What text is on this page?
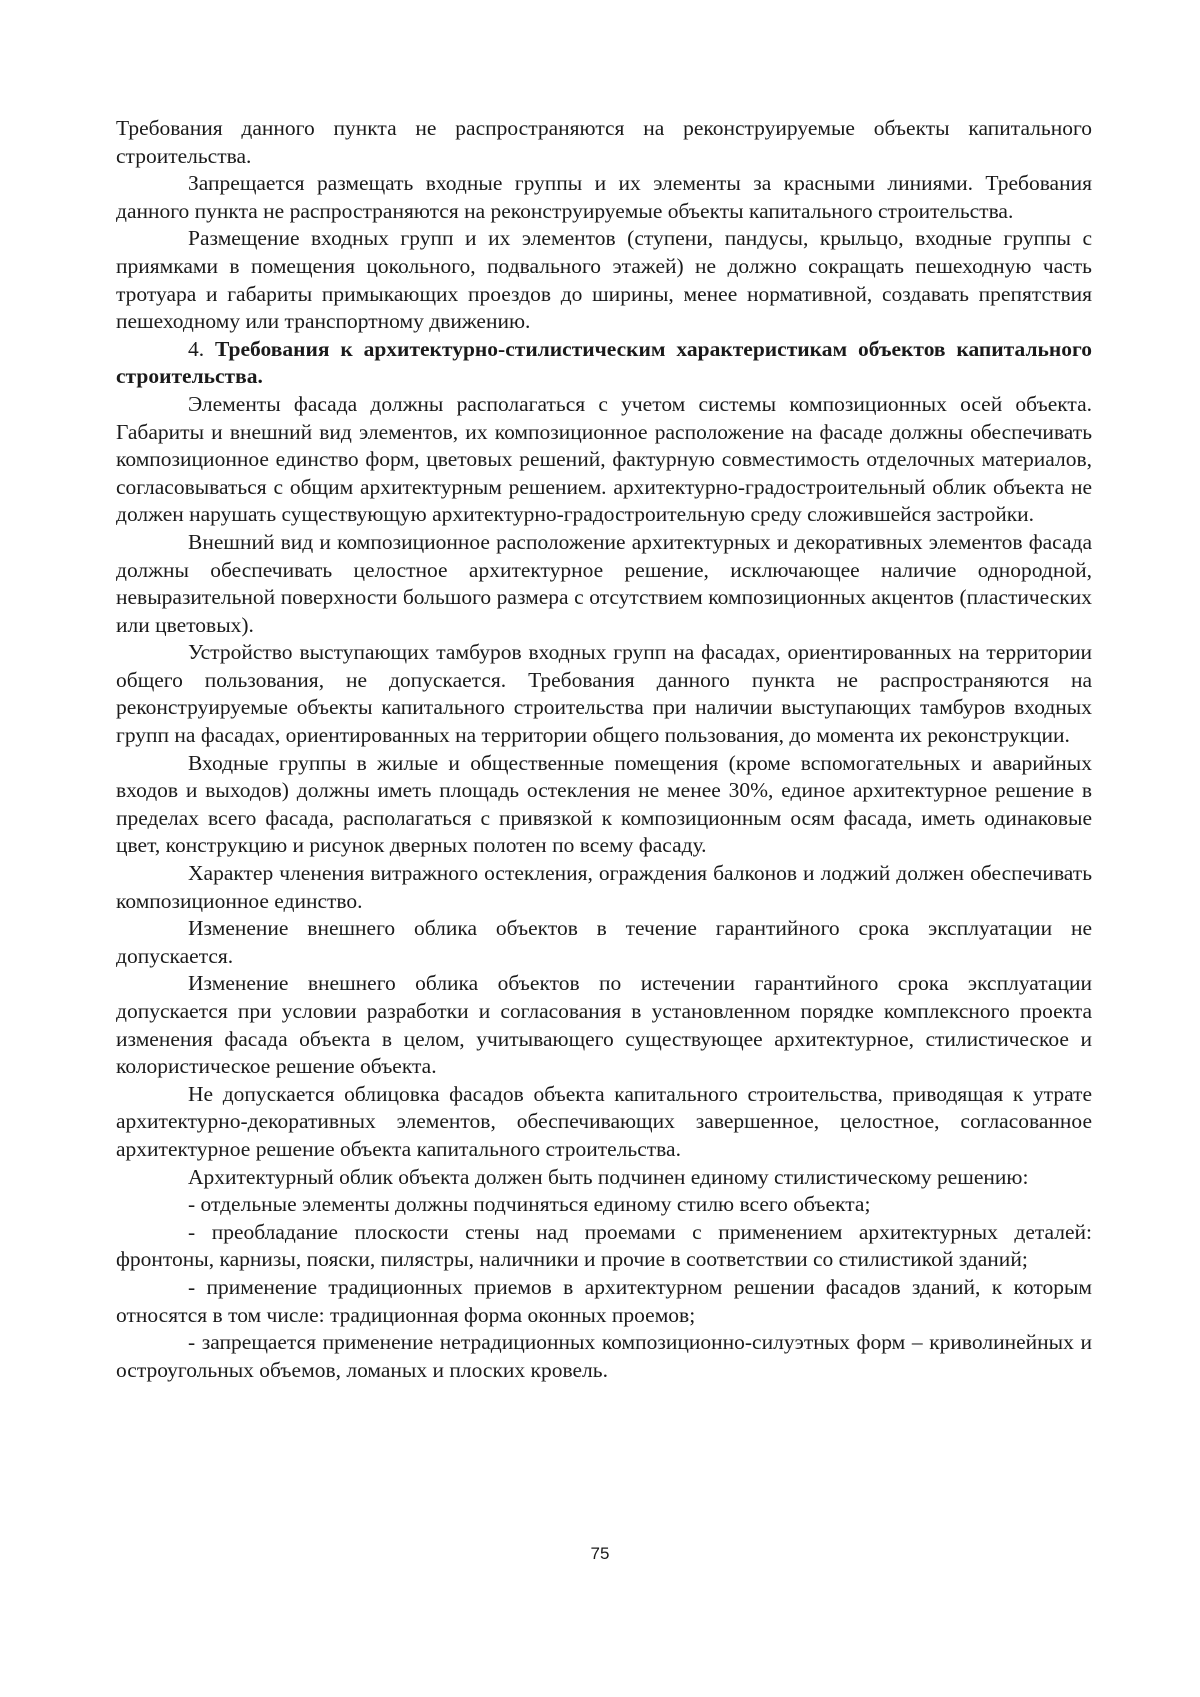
Требования данного пункта не распространяются на реконструируемые объекты капитального строительства.

Запрещается размещать входные группы и их элементы за красными линиями. Требования данного пункта не распространяются на реконструируемые объекты капитального строительства.

Размещение входных групп и их элементов (ступени, пандусы, крыльцо, входные группы с приямками в помещения цокольного, подвального этажей) не должно сокращать пешеходную часть тротуара и габариты примыкающих проездов до ширины, менее нормативной, создавать препятствия пешеходному или транспортному движению.

4. Требования к архитектурно-стилистическим характеристикам объектов капитального строительства.

Элементы фасада должны располагаться с учетом системы композиционных осей объекта. Габариты и внешний вид элементов, их композиционное расположение на фасаде должны обеспечивать композиционное единство форм, цветовых решений, фактурную совместимость отделочных материалов, согласовываться с общим архитектурным решением. архитектурно-градостроительный облик объекта не должен нарушать существующую архитектурно-градостроительную среду сложившейся застройки.

Внешний вид и композиционное расположение архитектурных и декоративных элементов фасада должны обеспечивать целостное архитектурное решение, исключающее наличие однородной, невыразительной поверхности большого размера с отсутствием композиционных акцентов (пластических или цветовых).

Устройство выступающих тамбуров входных групп на фасадах, ориентированных на территории общего пользования, не допускается. Требования данного пункта не распространяются на реконструируемые объекты капитального строительства при наличии выступающих тамбуров входных групп на фасадах, ориентированных на территории общего пользования, до момента их реконструкции.

Входные группы в жилые и общественные помещения (кроме вспомогательных и аварийных входов и выходов) должны иметь площадь остекления не менее 30%, единое архитектурное решение в пределах всего фасада, располагаться с привязкой к композиционным осям фасада, иметь одинаковые цвет, конструкцию и рисунок дверных полотен по всему фасаду.

Характер членения витражного остекления, ограждения балконов и лоджий должен обеспечивать композиционное единство.

Изменение внешнего облика объектов в течение гарантийного срока эксплуатации не допускается.

Изменение внешнего облика объектов по истечении гарантийного срока эксплуатации допускается при условии разработки и согласования в установленном порядке комплексного проекта изменения фасада объекта в целом, учитывающего существующее архитектурное, стилистическое и колористическое решение объекта.

Не допускается облицовка фасадов объекта капитального строительства, приводящая к утрате архитектурно-декоративных элементов, обеспечивающих завершенное, целостное, согласованное архитектурное решение объекта капитального строительства.

Архитектурный облик объекта должен быть подчинен единому стилистическому решению:

- отдельные элементы должны подчиняться единому стилю всего объекта;

- преобладание плоскости стены над проемами с применением архитектурных деталей: фронтоны, карнизы, пояски, пилястры, наличники и прочие в соответствии со стилистикой зданий;

- применение традиционных приемов в архитектурном решении фасадов зданий, к которым относятся в том числе: традиционная форма оконных проемов;

- запрещается применение нетрадиционных композиционно-силуэтных форм – криволинейных и остроугольных объемов, ломаных и плоских кровель.

75
